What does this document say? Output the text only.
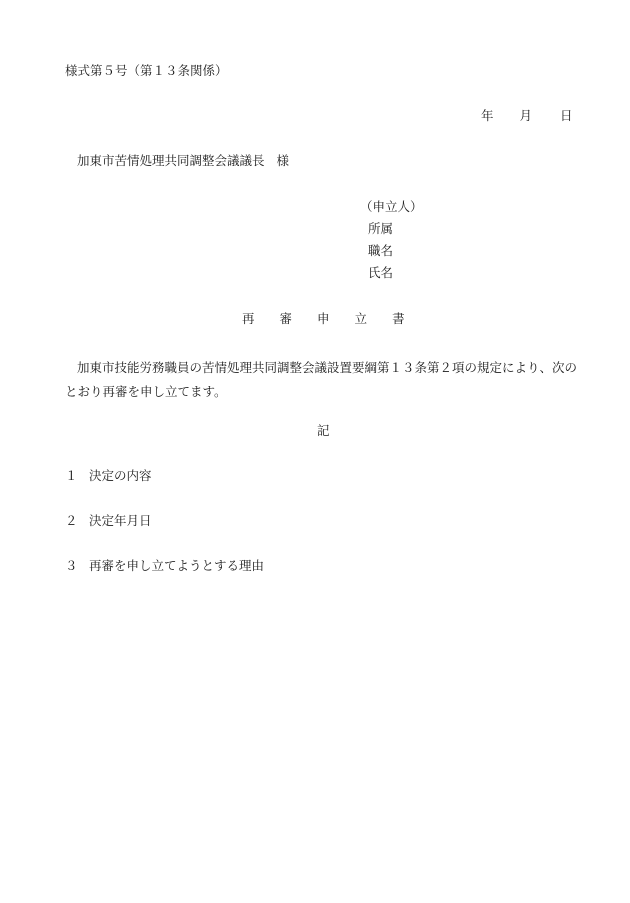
様式第５号（第１３条関係）
年 月 日
加東市苦情処理共同調整会議議長 様
（申立人）
所属
職名
氏名
再 審 申 立 書
加東市技能労務職員の苦情処理共同調整会議設置要綱第１３条第２項の規定により、次のとおり再審を申し立てます。
記
１ 決定の内容
２ 決定年月日
３ 再審を申し立てようとする理由
